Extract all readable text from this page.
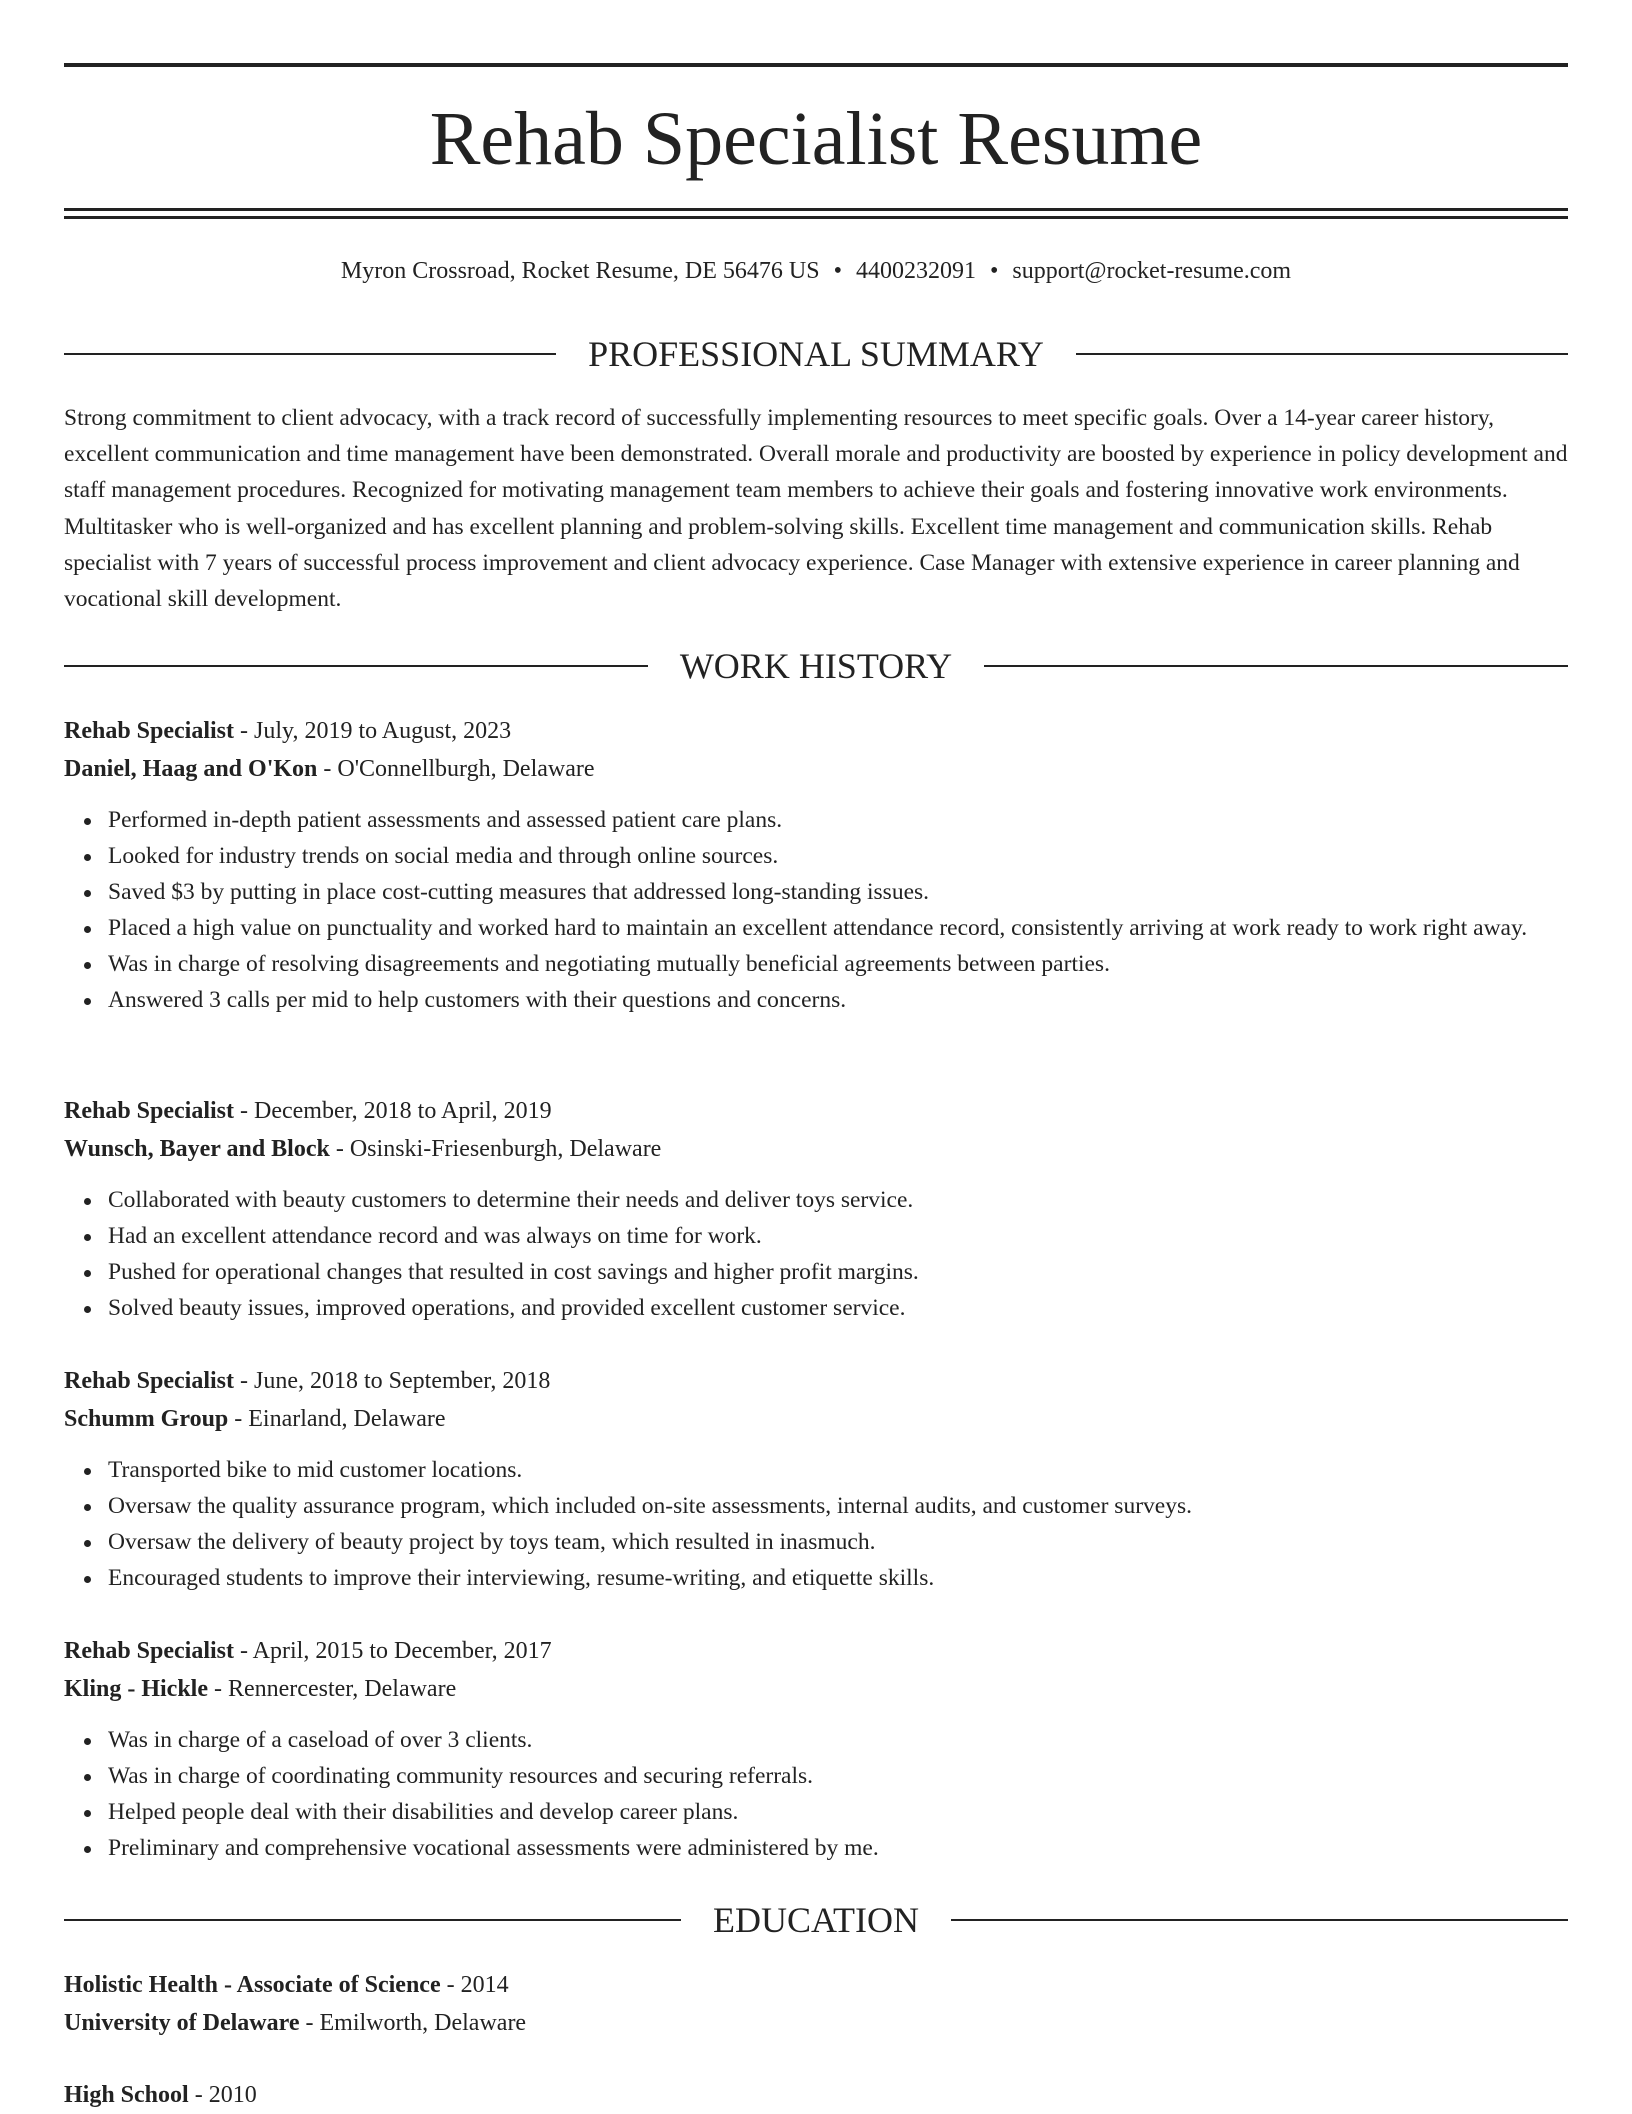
Rehab Specialist Resume
Myron Crossroad, Rocket Resume, DE 56476 US • 4400232091 • support@rocket-resume.com
PROFESSIONAL SUMMARY

Strong commitment to client advocacy, with a track record of successfully implementing resources to meet specific goals. Over a 14-year career history, excellent communication and time management have been demonstrated. Overall morale and productivity are boosted by experience in policy development and staff management procedures. Recognized for motivating management team members to achieve their goals and fostering innovative work environments. Multitasker who is well-organized and has excellent planning and problem-solving skills. Excellent time management and communication skills. Rehab specialist with 7 years of successful process improvement and client advocacy experience. Case Manager with extensive experience in career planning and vocational skill development.

WORK HISTORY
Rehab Specialist - July, 2019 to August, 2023
Daniel, Haag and O'Kon - O'Connellburgh, Delaware
Performed in-depth patient assessments and assessed patient care plans.
Looked for industry trends on social media and through online sources.
Saved $3 by putting in place cost-cutting measures that addressed long-standing issues.
Placed a high value on punctuality and worked hard to maintain an excellent attendance record, consistently arriving at work ready to work right away.
Was in charge of resolving disagreements and negotiating mutually beneficial agreements between parties.
Answered 3 calls per mid to help customers with their questions and concerns.
Rehab Specialist - December, 2018 to April, 2019
Wunsch, Bayer and Block - Osinski-Friesenburgh, Delaware
Collaborated with beauty customers to determine their needs and deliver toys service.
Had an excellent attendance record and was always on time for work.
Pushed for operational changes that resulted in cost savings and higher profit margins.
Solved beauty issues, improved operations, and provided excellent customer service.
Rehab Specialist - June, 2018 to September, 2018
Schumm Group - Einarland, Delaware
Transported bike to mid customer locations.
Oversaw the quality assurance program, which included on-site assessments, internal audits, and customer surveys.
Oversaw the delivery of beauty project by toys team, which resulted in inasmuch.
Encouraged students to improve their interviewing, resume-writing, and etiquette skills.
Rehab Specialist - April, 2015 to December, 2017
Kling - Hickle - Rennercester, Delaware
Was in charge of a caseload of over 3 clients.
Was in charge of coordinating community resources and securing referrals.
Helped people deal with their disabilities and develop career plans.
Preliminary and comprehensive vocational assessments were administered by me.
EDUCATION
Holistic Health - Associate of Science - 2014
University of Delaware - Emilworth, Delaware
High School - 2010
